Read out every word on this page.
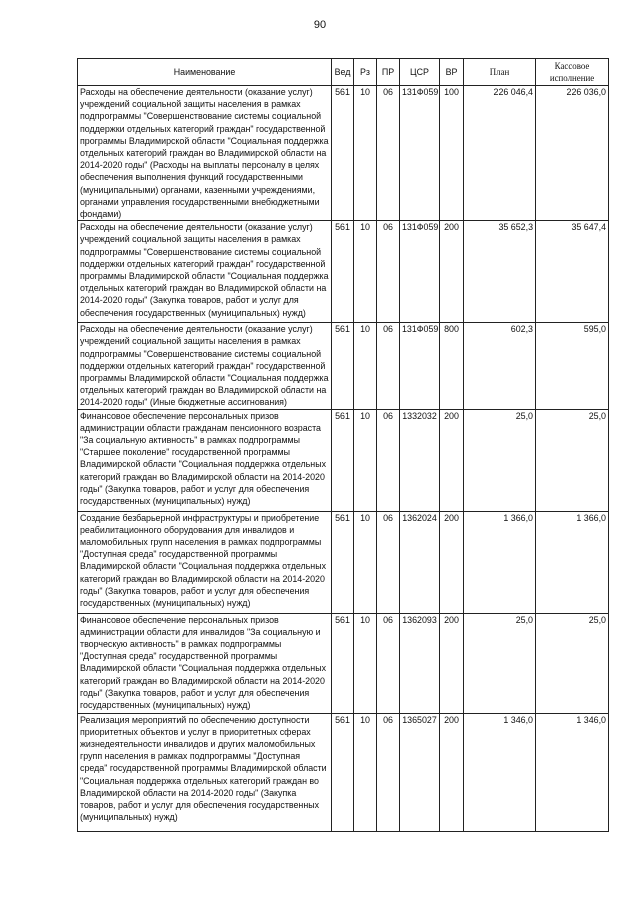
90
Наименование	Вед	Рз	ПР	ЦСР	ВР	План	Кассовое исполнение
Расходы на обеспечение деятельности (оказание услуг) учреждений социальной защиты населения в рамках подпрограммы "Совершенствование системы социальной поддержки отдельных категорий граждан" государственной программы Владимирской области "Социальная поддержка отдельных категорий граждан во Владимирской области на 2014-2020 годы" (Расходы на выплаты персоналу в целях обеспечения выполнения функций государственными (муниципальными) органами, казенными учреждениями, органами управления государственными внебюджетными фондами)	561	10	06	131Ф059	100	226 046,4	226 036,0
Расходы на обеспечение деятельности (оказание услуг) учреждений социальной защиты населения в рамках подпрограммы "Совершенствование системы социальной поддержки отдельных категорий граждан" государственной программы Владимирской области "Социальная поддержка отдельных категорий граждан во Владимирской области на 2014-2020 годы" (Закупка товаров, работ и услуг для обеспечения государственных (муниципальных) нужд)	561	10	06	131Ф059	200	35 652,3	35 647,4
Расходы на обеспечение деятельности (оказание услуг) учреждений социальной защиты населения в рамках подпрограммы "Совершенствование системы социальной поддержки отдельных категорий граждан" государственной программы Владимирской области "Социальная поддержка отдельных категорий граждан во Владимирской области на 2014-2020 годы" (Иные бюджетные ассигнования)	561	10	06	131Ф059	800	602,3	595,0
Финансовое обеспечение персональных призов администрации области гражданам пенсионного возраста "За социальную активность" в рамках подпрограммы "Старшее поколение" государственной программы Владимирской области "Социальная поддержка отдельных категорий граждан во Владимирской области на 2014-2020 годы" (Закупка товаров, работ и услуг для обеспечения государственных (муниципальных) нужд)	561	10	06	1332032	200	25,0	25,0
Создание безбарьерной инфраструктуры и приобретение реабилитационного оборудования для инвалидов и маломобильных групп населения в рамках подпрограммы "Доступная среда" государственной программы Владимирской области "Социальная поддержка отдельных категорий граждан во Владимирской области на 2014-2020 годы" (Закупка товаров, работ и услуг для обеспечения государственных (муниципальных) нужд)	561	10	06	1362024	200	1 366,0	1 366,0
Финансовое обеспечение персональных призов администрации области для инвалидов "За социальную и творческую активность" в рамках подпрограммы "Доступная среда" государственной программы Владимирской области "Социальная поддержка отдельных категорий граждан во Владимирской области на 2014-2020 годы" (Закупка товаров, работ и услуг для обеспечения государственных (муниципальных) нужд)	561	10	06	1362093	200	25,0	25,0
Реализация мероприятий по обеспечению доступности приоритетных объектов и услуг в приоритетных сферах жизнедеятельности инвалидов и других маломобильных групп населения в рамках подпрограммы "Доступная среда" государственной программы Владимирской области "Социальная поддержка отдельных категорий граждан во Владимирской области на 2014-2020 годы" (Закупка товаров, работ и услуг для обеспечения государственных (муниципальных) нужд)	561	10	06	1365027	200	1 346,0	1 346,0
